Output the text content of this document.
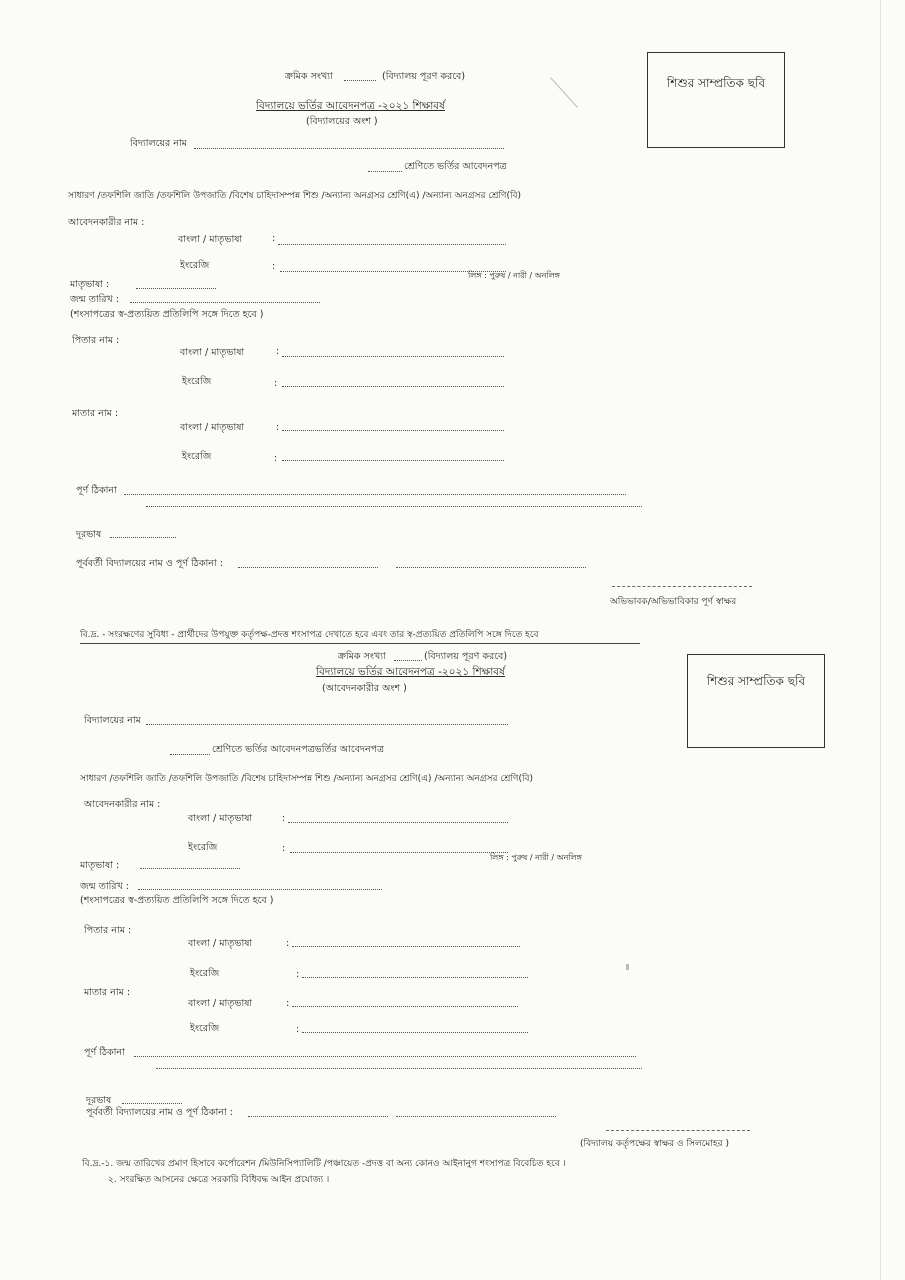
ক্রমিক সংখ্যা	(বিদ্যালয় পূরণ করবে)	শিশুর সাম্প্রতিক ছবি
বিদ্যালয়ে ভর্তির আবেদনপত্র -২০২১ শিক্ষাবর্ষ
(বিদ্যালয়ের অংশ )
বিদ্যালয়ের নাম
শ্রেণিতে ভর্তির আবেদনপত্র
সাধারণ /তফশিলি জাতি /তফশিলি উপজাতি /বিশেষ চাহিদাসম্পন্ন শিশু /অন্যান্য অনগ্রসর শ্রেণি(এ) /অন্যান্য অনগ্রসর শ্রেণি(বি)
আবেদনকারীর নাম :
বাংলা / মাতৃভাষা	:
ইংরেজি	:
লিঙ্গ : পুরুষ / নারী / অনলিঙ্গ
মাতৃভাষা :
জন্ম তারিখ :
(শংসাপত্রের স্ব-প্রত্যয়িত প্রতিলিপি সঙ্গে দিতে হবে )
পিতার নাম :
বাংলা / মাতৃভাষা	:
ইংরেজি	:
মাতার নাম :
বাংলা / মাতৃভাষা	:
ইংরেজি	:
পূর্ণ ঠিকানা
দূরভাষ
পূর্ববর্তী বিদ্যালয়ের নাম ও পূর্ণ ঠিকানা :
অভিভাবক/অভিভাবিকার পূর্ণ স্বাক্ষর
বি.দ্র. - সংরক্ষণের সুবিধা - প্রার্থীদের উপযুক্ত কর্তৃপক্ষ-প্রদত্ত শংসাপত্র দেখাতে হবে এবং তার স্ব-প্রত্যয়িত প্রতিলিপি সঙ্গে দিতে হবে
ক্রমিক সংখ্যা	(বিদ্যালয় পূরণ করবে)
শিশুর সাম্প্রতিক ছবি
বিদ্যালয়ে ভর্তির আবেদনপত্র -২০২১ শিক্ষাবর্ষ
(আবেদনকারীর অংশ )
বিদ্যালয়ের নাম
শ্রেণিতে ভর্তির আবেদনপত্রভর্তির আবেদনপত্র
সাধারণ /তফশিলি জাতি /তফশিলি উপজাতি /বিশেষ চাহিদাসম্পন্ন শিশু /অন্যান্য অনগ্রসর শ্রেণি(এ) /অন্যান্য অনগ্রসর শ্রেণি(বি)
আবেদনকারীর নাম :
বাংলা / মাতৃভাষা	:
ইংরেজি	:
লিঙ্গ : পুরুষ / নারী / অনলিঙ্গ
মাতৃভাষা :
জন্ম তারিখ :
(শংসাপত্রের স্ব-প্রত্যয়িত প্রতিলিপি সঙ্গে দিতে হবে )
পিতার নাম :
বাংলা / মাতৃভাষা	:
ইংরেজি	:
মাতার নাম :
বাংলা / মাতৃভাষা	:
ইংরেজি	:
পূর্ণ ঠিকানা
দূরভাষ
পূর্ববর্তী বিদ্যালয়ের নাম ও পূর্ণ ঠিকানা :
(বিদ্যালয় কর্তৃপক্ষের স্বাক্ষর ও সিলমোহর )
বি.দ্র.-১. জন্ম তারিখের প্রমাণ হিসাবে কর্পোরেশন /মিউনিসিপ্যালিটি /পঞ্চায়েত -প্রদত্ত বা অন্য কোনও আইনানুগ শংসাপত্র বিবেচিত হবে ।
২. সংরক্ষিত আসনের ক্ষেত্রে সরকারি বিধিবদ্ধ আইন প্রযোজ্য ।
